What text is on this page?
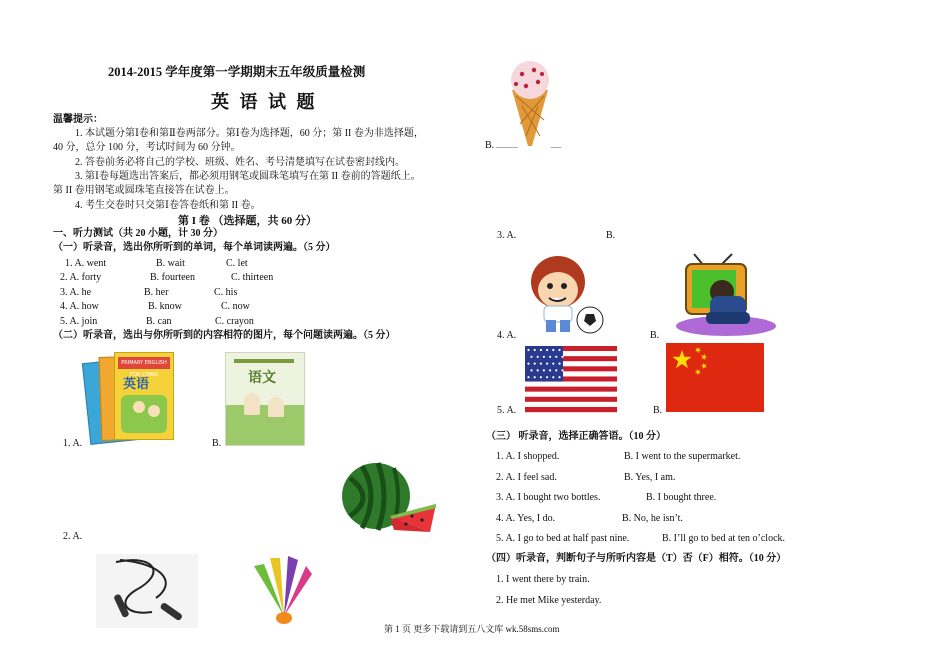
2014-2015 学年度第一学期期末五年级质量检测
英 语 试 题
温馨提示：
1. 本试题分第Ⅰ卷和第Ⅱ卷两部分。第Ⅰ卷为选择题，60 分；第 II 卷为非选择题，
40 分，总分 100 分，考试时间为 60 分钟。
2. 答卷前务必将自己的学校、班级、姓名、考号清楚填写在试卷密封线内。
3. 第Ⅰ卷每题选出答案后，都必须用钢笔或圆珠笔填写在第 II 卷前的答题纸上。
第 II 卷用钢笔或圆珠笔直接答在试卷上。
4. 考生交卷时只交第Ⅰ卷答卷纸和第 II 卷。
第 I 卷 （选择题，共 60 分）
一、听力测试（共 20 小题，计 30 分）
（一）听录音，选出你所听到的单词，每个单词读两遍。（5 分）
1. A. went	B. wait	C. let
2. A. forty	B. fourteen	C. thirteen
3. A. he	B. her	C. his
4. A. how	B. know	C. now
5. A. join	B. can	C. crayon
（二）听录音，选出与你所听到的内容相符的图片，每个问题读两遍。（5 分）
PRIMARY ENGLISH FOR CHINA
英语
1. A.
语文
B.
2. A.
B.
3. A.	B.
4. A.	B.
5. A.	B.
（三） 听录音，选择正确答语。（10 分）
1. A. I shopped.	B. I went to the supermarket.
2. A. I feel sad.	B. Yes, I am.
3. A. I bought two bottles.	B. I bought three.
4. A. Yes, I do.	B. No, he isn’t.
5. A. I go to bed at half past nine.	B. I’ll go to bed at ten o’clock.
（四）听录音，判断句子与所听内容是（T）否（F）相符。（10 分）
1. I went there by train.
2. He met Mike yesterday.
第 1 页 更多下载请到五八文库 wk.58sms.com
